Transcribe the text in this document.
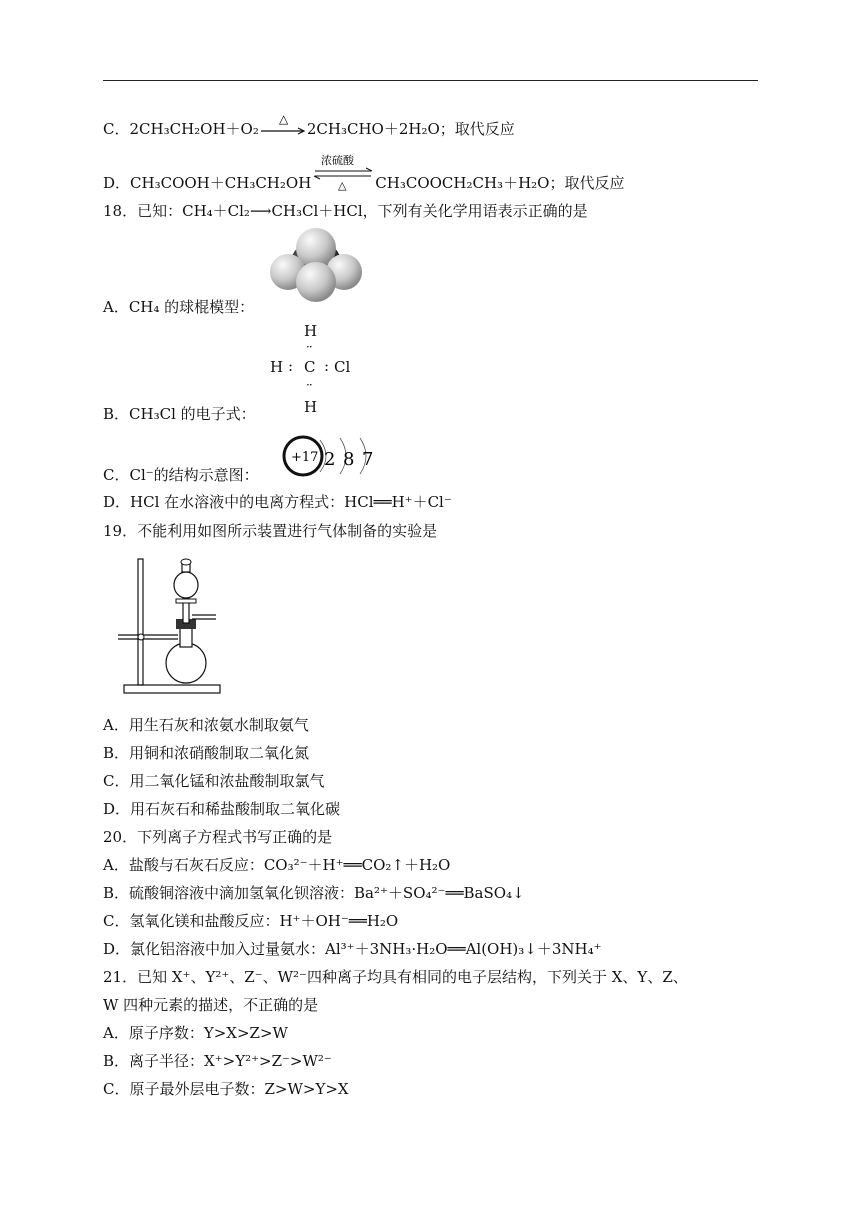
C．2CH₃CH₂OH＋O₂
△
2CH₃CHO＋2H₂O；取代反应
D．CH₃COOH＋CH₃CH₂OH
浓硫酸
△ CH₃COOCH₂CH₃＋H₂O；取代反应
18．已知：CH₄＋Cl₂⟶CH₃Cl＋HCl，下列有关化学用语表示正确的是
A．CH₄ 的球棍模型：
H
··
H : C : Cl
··
H
B．CH₃Cl 的电子式：
+17 2 8 7
C．Cl⁻的结构示意图：
D．HCl 在水溶液中的电离方程式：HCl══H⁺＋Cl⁻
19．不能利用如图所示装置进行气体制备的实验是
A．用生石灰和浓氨水制取氨气
B．用铜和浓硝酸制取二氧化氮
C．用二氧化锰和浓盐酸制取氯气
D．用石灰石和稀盐酸制取二氧化碳
20．下列离子方程式书写正确的是
A．盐酸与石灰石反应：CO₃²⁻＋H⁺══CO₂↑＋H₂O
B．硫酸铜溶液中滴加氢氧化钡溶液：Ba²⁺＋SO₄²⁻══BaSO₄↓
C．氢氧化镁和盐酸反应：H⁺＋OH⁻══H₂O
D．氯化铝溶液中加入过量氨水：Al³⁺＋3NH₃·H₂O══Al(OH)₃↓＋3NH₄⁺
21．已知 X⁺、Y²⁺、Z⁻、W²⁻四种离子均具有相同的电子层结构，下列关于 X、Y、Z、
W 四种元素的描述，不正确的是
A．原子序数：Y>X>Z>W
B．离子半径：X⁺>Y²⁺>Z⁻>W²⁻
C．原子最外层电子数：Z>W>Y>X
